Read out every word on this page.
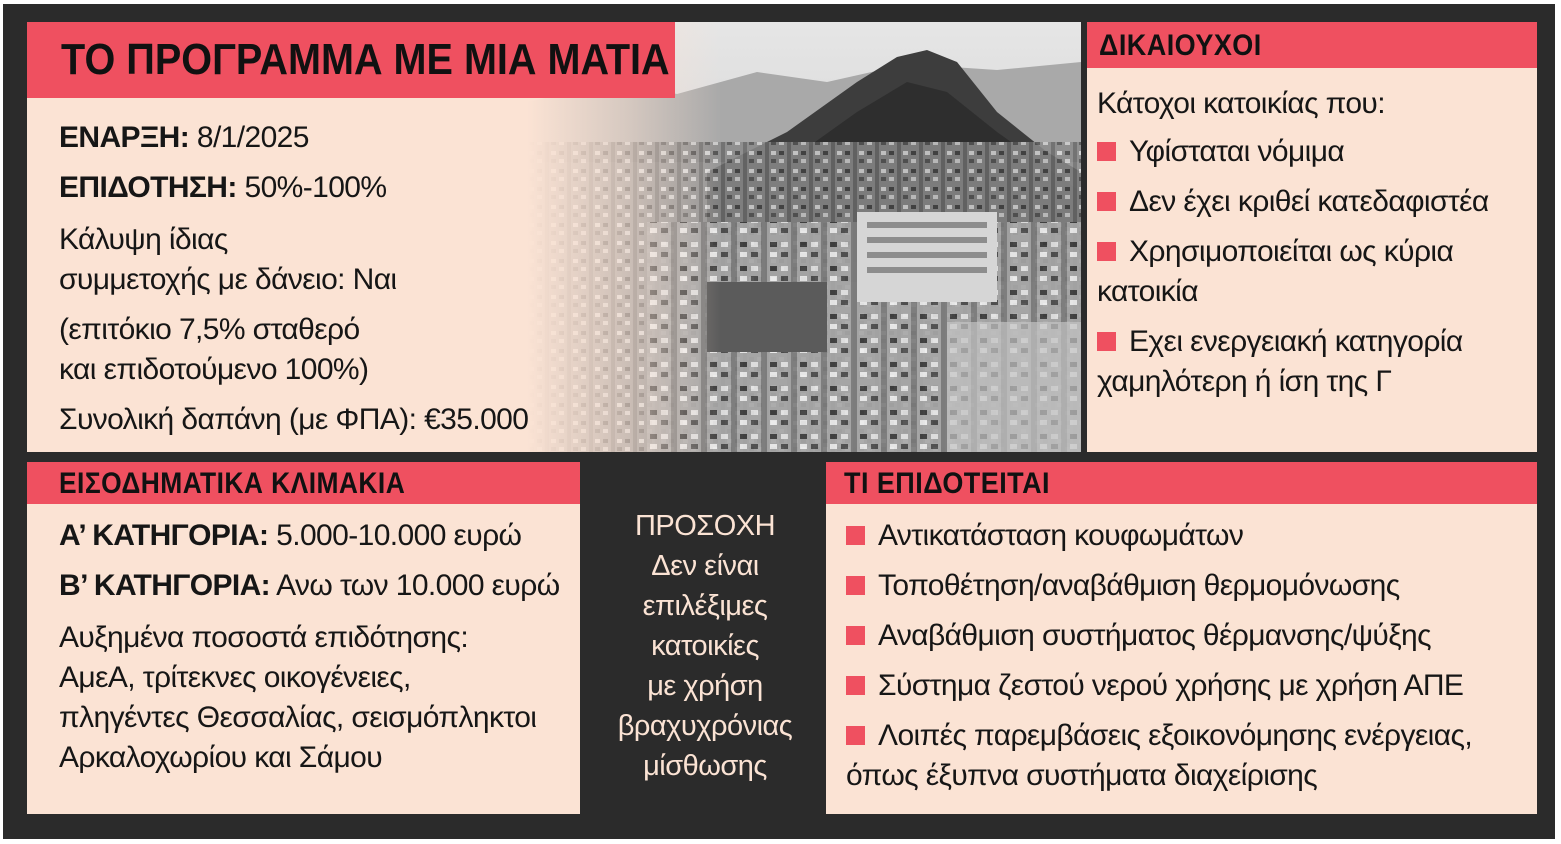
ΤΟ ΠΡΟΓΡΑΜΜΑ ΜΕ ΜΙΑ ΜΑΤΙΑ
ΕΝΑΡΞΗ: 8/1/2025
ΕΠΙΔΟΤΗΣΗ: 50%-100%
Κάλυψη ίδιας
συμμετοχής με δάνειο: Ναι
(επιτόκιο 7,5% σταθερό
και επιδοτούμενο 100%)
Συνολική δαπάνη (με ΦΠΑ): €35.000
ΔΙΚΑΙΟΥΧΟΙ
Κάτοχοι κατοικίας που:
Υφίσταται νόμιμα
Δεν έχει κριθεί κατεδαφιστέα
Χρησιμοποιείται ως κύρια
κατοικία
Εχει ενεργειακή κατηγορία
χαμηλότερη ή ίση της Γ
ΕΙΣΟΔΗΜΑΤΙΚΑ ΚΛΙΜΑΚΙΑ
Α’ ΚΑΤΗΓΟΡΙΑ: 5.000-10.000 ευρώ
Β’ ΚΑΤΗΓΟΡΙΑ: Ανω των 10.000 ευρώ
Αυξημένα ποσοστά επιδότησης:
ΑμεΑ, τρίτεκνες οικογένειες,
πληγέντες Θεσσαλίας, σεισμόπληκτοι
Αρκαλοχωρίου και Σάμου
ΠΡΟΣΟΧΗ
Δεν είναι
επιλέξιμες
κατοικίες
με χρήση
βραχυχρόνιας
μίσθωσης
ΤΙ ΕΠΙΔΟΤΕΙΤΑΙ
Αντικατάσταση κουφωμάτων
Τοποθέτηση/αναβάθμιση θερμομόνωσης
Αναβάθμιση συστήματος θέρμανσης/ψύξης
Σύστημα ζεστού νερού χρήσης με χρήση ΑΠΕ
Λοιπές παρεμβάσεις εξοικονόμησης ενέργειας,
όπως έξυπνα συστήματα διαχείρισης
